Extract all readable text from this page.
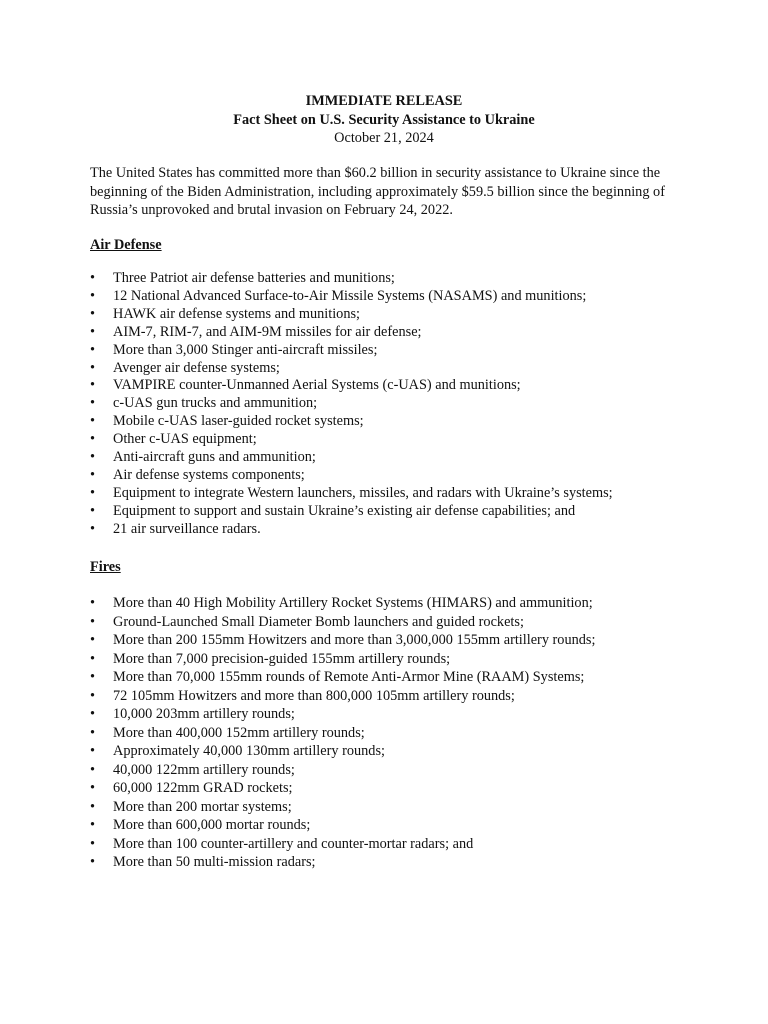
IMMEDIATE RELEASE
Fact Sheet on U.S. Security Assistance to Ukraine
October 21, 2024

The United States has committed more than $60.2 billion in security assistance to Ukraine since the beginning of the Biden Administration, including approximately $59.5 billion since the beginning of Russia’s unprovoked and brutal invasion on February 24, 2022.

Air Defense
• Three Patriot air defense batteries and munitions;
• 12 National Advanced Surface-to-Air Missile Systems (NASAMS) and munitions;
• HAWK air defense systems and munitions;
• AIM-7, RIM-7, and AIM-9M missiles for air defense;
• More than 3,000 Stinger anti-aircraft missiles;
• Avenger air defense systems;
• VAMPIRE counter-Unmanned Aerial Systems (c-UAS) and munitions;
• c-UAS gun trucks and ammunition;
• Mobile c-UAS laser-guided rocket systems;
• Other c-UAS equipment;
• Anti-aircraft guns and ammunition;
• Air defense systems components;
• Equipment to integrate Western launchers, missiles, and radars with Ukraine’s systems;
• Equipment to support and sustain Ukraine’s existing air defense capabilities; and
• 21 air surveillance radars.
Fires
• More than 40 High Mobility Artillery Rocket Systems (HIMARS) and ammunition;
• Ground-Launched Small Diameter Bomb launchers and guided rockets;
• More than 200 155mm Howitzers and more than 3,000,000 155mm artillery rounds;
• More than 7,000 precision-guided 155mm artillery rounds;
• More than 70,000 155mm rounds of Remote Anti-Armor Mine (RAAM) Systems;
• 72 105mm Howitzers and more than 800,000 105mm artillery rounds;
• 10,000 203mm artillery rounds;
• More than 400,000 152mm artillery rounds;
• Approximately 40,000 130mm artillery rounds;
• 40,000 122mm artillery rounds;
• 60,000 122mm GRAD rockets;
• More than 200 mortar systems;
• More than 600,000 mortar rounds;
• More than 100 counter-artillery and counter-mortar radars; and
• More than 50 multi-mission radars;
